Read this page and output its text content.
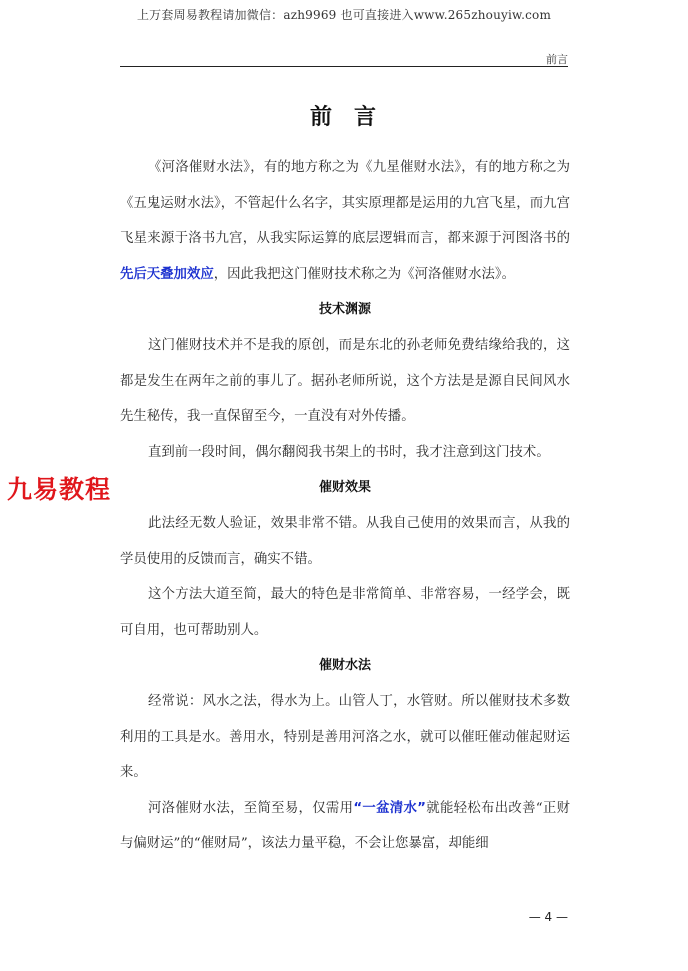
上万套周易教程请加微信：azh9969 也可直接进入www.265zhouyiw.com
前言
前 言

《河洛催财水法》，有的地方称之为《九星催财水法》，有的地方称之为《五鬼运财水法》，不管起什么名字，其实原理都是运用的九宫飞星，而九宫飞星来源于洛书九宫，从我实际运算的底层逻辑而言，都来源于河图洛书的先后天叠加效应，因此我把这门催财技术称之为《河洛催财水法》。

技术渊源

这门催财技术并不是我的原创，而是东北的孙老师免费结缘给我的，这都是发生在两年之前的事儿了。据孙老师所说，这个方法是是源自民间风水先生秘传，我一直保留至今，一直没有对外传播。

直到前一段时间，偶尔翻阅我书架上的书时，我才注意到这门技术。

催财效果

此法经无数人验证，效果非常不错。从我自己使用的效果而言，从我的学员使用的反馈而言，确实不错。

这个方法大道至简，最大的特色是非常简单、非常容易，一经学会，既可自用，也可帮助别人。

催财水法

经常说：风水之法，得水为上。山管人丁，水管财。所以催财技术多数利用的工具是水。善用水，特别是善用河洛之水，就可以催旺催动催起财运来。

河洛催财水法，至简至易，仅需用“一盆清水”就能轻松布出改善“正财与偏财运”的“催财局”，该法力量平稳，不会让您暴富，却能细

九易教程
— 4 —
